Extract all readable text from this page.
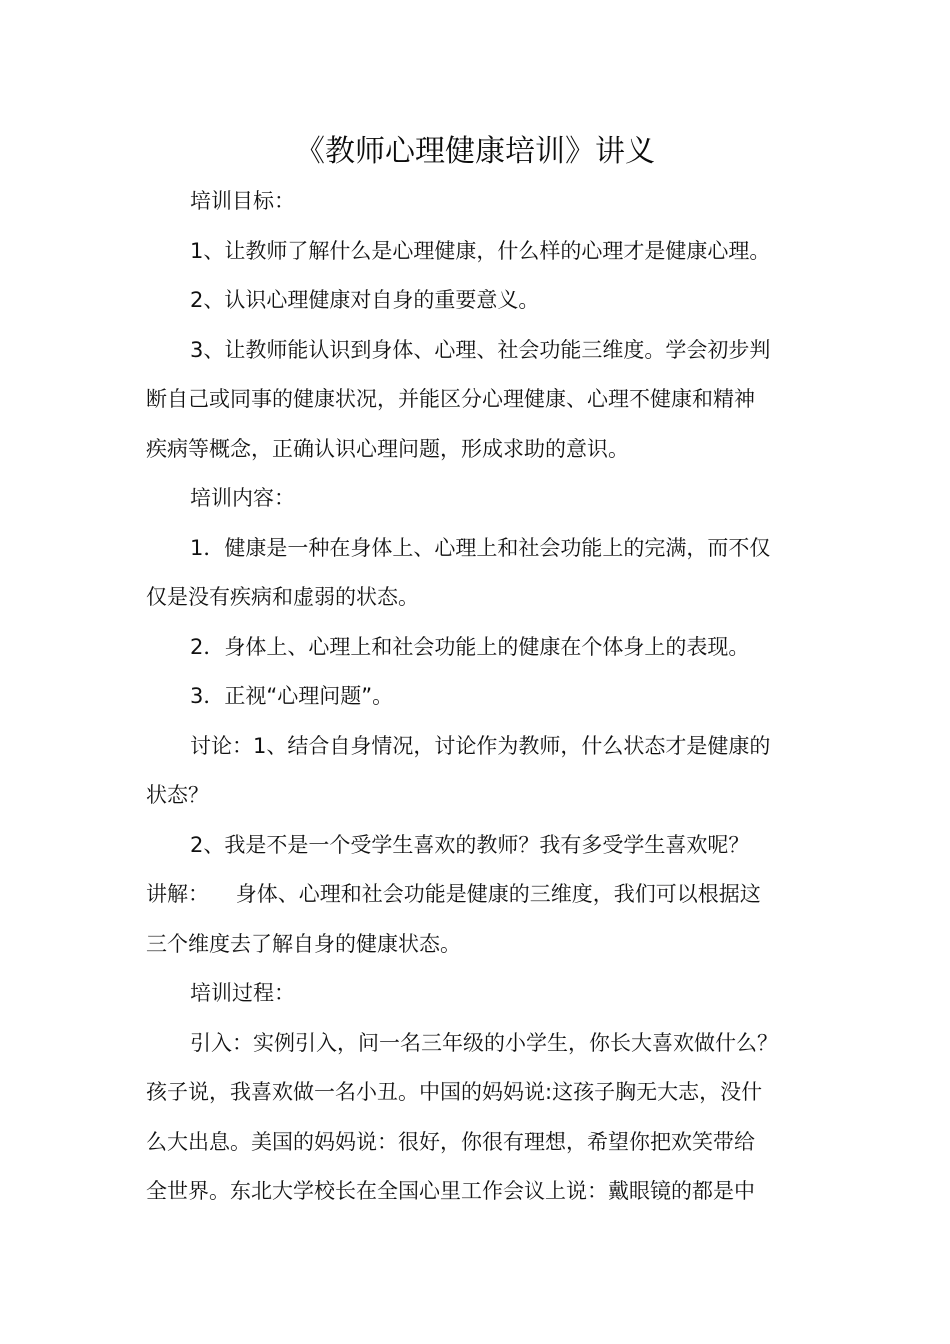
《教师心理健康培训》讲义

培训目标：

1、让教师了解什么是心理健康，什么样的心理才是健康心理。

2、认识心理健康对自身的重要意义。

3、让教师能认识到身体、心理、社会功能三维度。学会初步判

断自己或同事的健康状况，并能区分心理健康、心理不健康和精神

疾病等概念，正确认识心理问题，形成求助的意识。

培训内容：

1．健康是一种在身体上、心理上和社会功能上的完满，而不仅

仅是没有疾病和虚弱的状态。

2．身体上、心理上和社会功能上的健康在个体身上的表现。

3．正视“心理问题”。

讨论：1、结合自身情况，讨论作为教师，什么状态才是健康的

状态？

2、我是不是一个受学生喜欢的教师？我有多受学生喜欢呢？

讲解：    身体、心理和社会功能是健康的三维度，我们可以根据这

三个维度去了解自身的健康状态。

培训过程：

引入：实例引入，问一名三年级的小学生，你长大喜欢做什么？

孩子说，我喜欢做一名小丑。中国的妈妈说:这孩子胸无大志，没什

么大出息。美国的妈妈说：很好，你很有理想，希望你把欢笑带给

全世界。东北大学校长在全国心里工作会议上说：戴眼镜的都是中
